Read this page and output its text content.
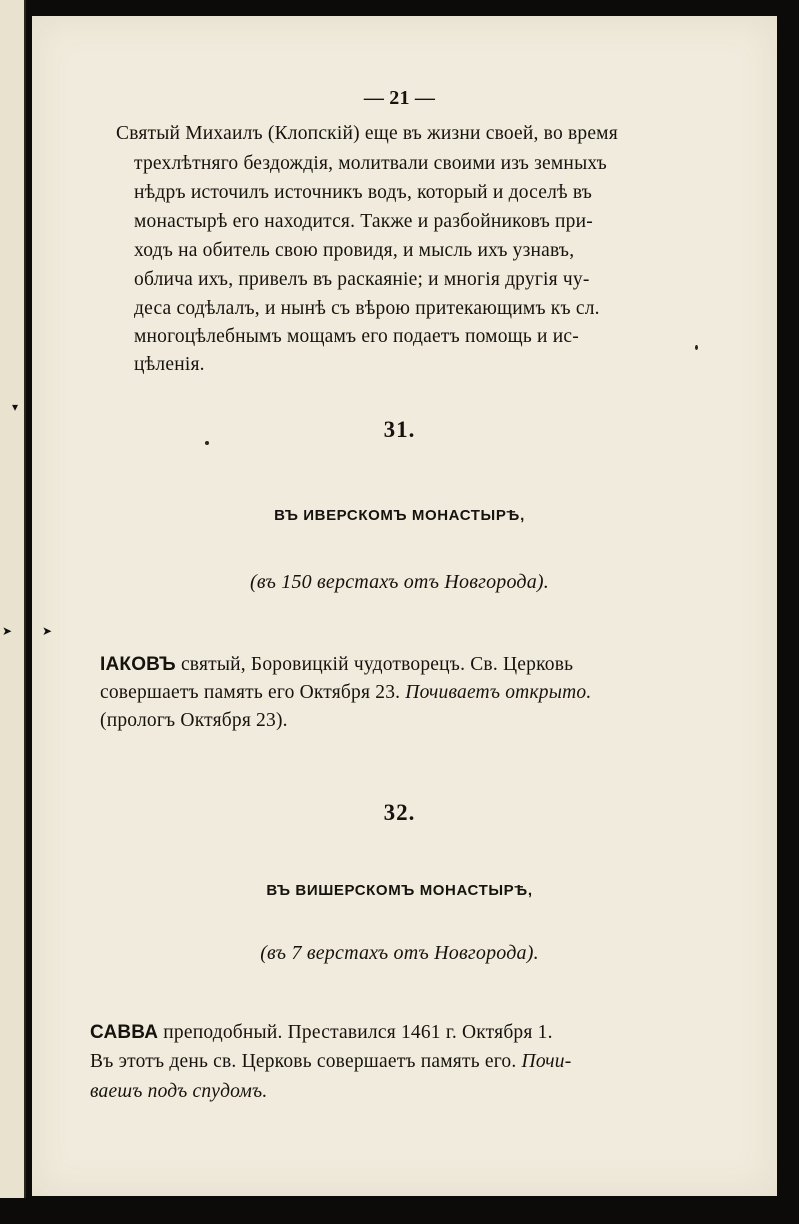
▾
➤ ➤
— 21 —
Святый Михаилъ (Клопскій) еще въ жизни своей, во время
трехлѣтняго бездождія, молитвали своими изъ земныхъ
нѣдръ источилъ источникъ водъ, который и доселѣ въ
монастырѣ его находится. Также и разбойниковъ при-
ходъ на обитель свою провидя, и мысль ихъ узнавъ,
облича ихъ, привелъ въ раскаяніе; и многія другія чу-
деса содѣлалъ, и нынѣ съ вѣрою притекающимъ къ сл.
многоцѣлебнымъ мощамъ его подаетъ помощь и ис-
цѣленія.
31.
ВЪ ИВЕРСКОМЪ МОНАСТЫРѢ,
(въ 150 верстахъ отъ Новгорода).
IАКОВЪ святый, Боровицкій чудотворецъ. Св. Церковь
совершаетъ память его Октября 23. Почиваетъ открыто.
(прологъ Октября 23).
32.
ВЪ ВИШЕРСКОМЪ МОНАСТЫРѢ,
(въ 7 верстахъ отъ Новгорода).
САВВА преподобный. Преставился 1461 г. Октября 1.
Въ этотъ день св. Церковь совершаетъ память его. Почи-
ваешъ подъ спудомъ.
